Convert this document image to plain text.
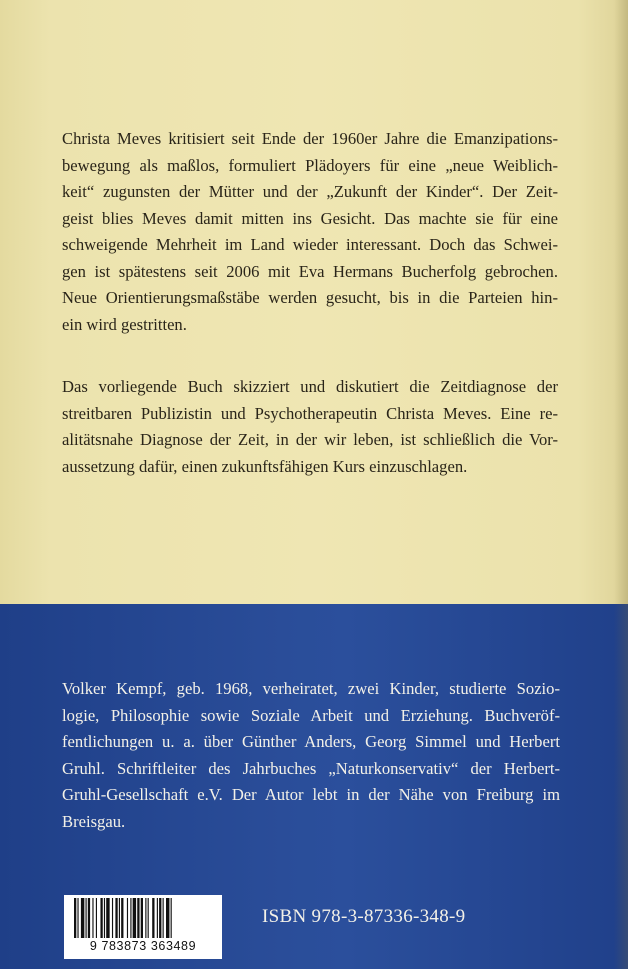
Christa Meves kritisiert seit Ende der 1960er Jahre die Emanzipations-
bewegung als maßlos, formuliert Plädoyers für eine „neue Weiblich-
keit“ zugunsten der Mütter und der „Zukunft der Kinder“. Der Zeit-
geist blies Meves damit mitten ins Gesicht. Das machte sie für eine
schweigende Mehrheit im Land wieder interessant. Doch das Schwei-
gen ist spätestens seit 2006 mit Eva Hermans Bucherfolg gebrochen.
Neue Orientierungsmaßstäbe werden gesucht, bis in die Parteien hin-
ein wird gestritten.
Das vorliegende Buch skizziert und diskutiert die Zeitdiagnose der
streitbaren Publizistin und Psychotherapeutin Christa Meves. Eine re-
alitätsnahe Diagnose der Zeit, in der wir leben, ist schließlich die Vor-
aussetzung dafür, einen zukunftsfähigen Kurs einzuschlagen.
Volker Kempf, geb. 1968, verheiratet, zwei Kinder, studierte Sozio-
logie, Philosophie sowie Soziale Arbeit und Erziehung. Buchveröf-
fentlichungen u. a. über Günther Anders, Georg Simmel und Herbert
Gruhl. Schriftleiter des Jahrbuches „Naturkonservativ“ der Herbert-
Gruhl-Gesellschaft e.V. Der Autor lebt in der Nähe von Freiburg im
Breisgau.
9 783873 363489
ISBN 978-3-87336-348-9
